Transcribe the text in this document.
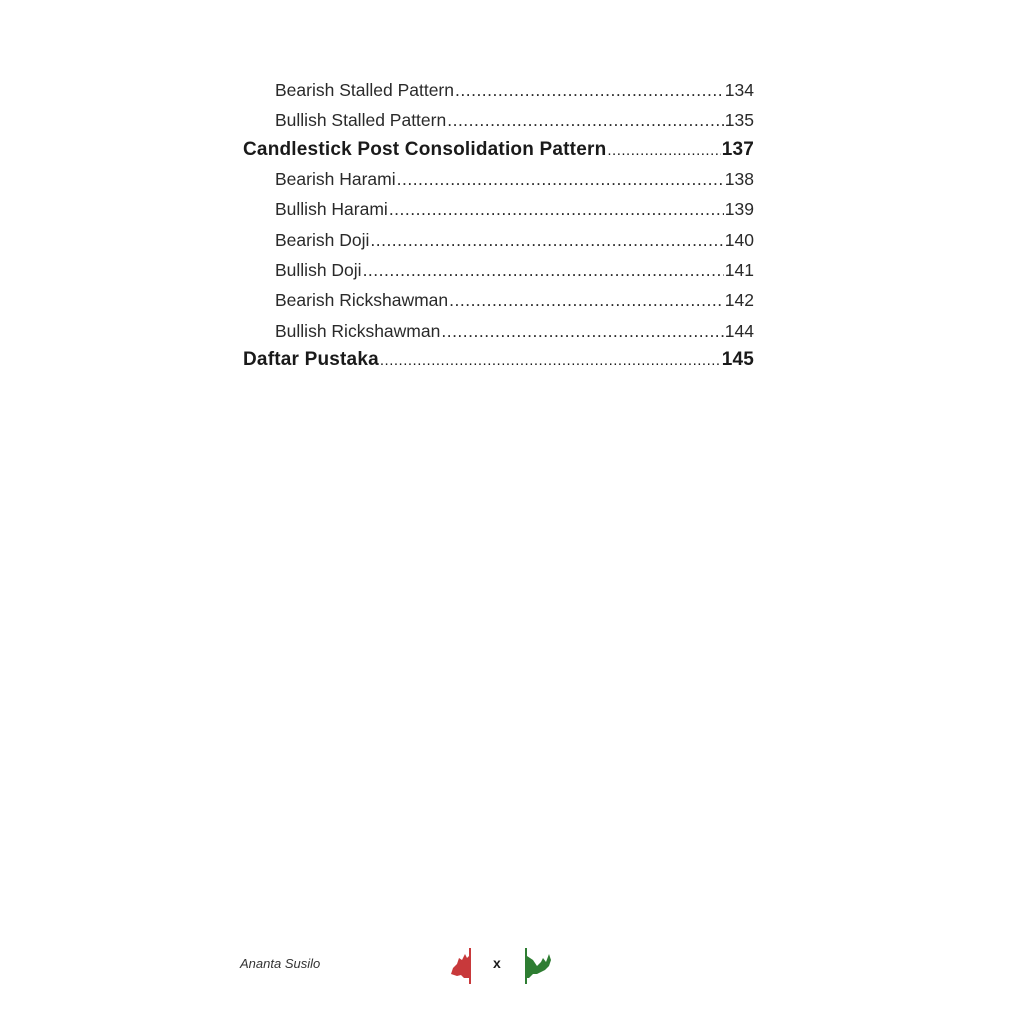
Bearish Stalled Pattern .....	134
Bullish Stalled Pattern .....	135
Candlestick Post Consolidation Pattern .....	137
Bearish Harami .....	138
Bullish Harami .....	139
Bearish Doji .....	140
Bullish Doji .....	141
Bearish Rickshawman .....	142
Bullish Rickshawman .....	144
Daftar Pustaka .....	145
Ananta Susilo	x
